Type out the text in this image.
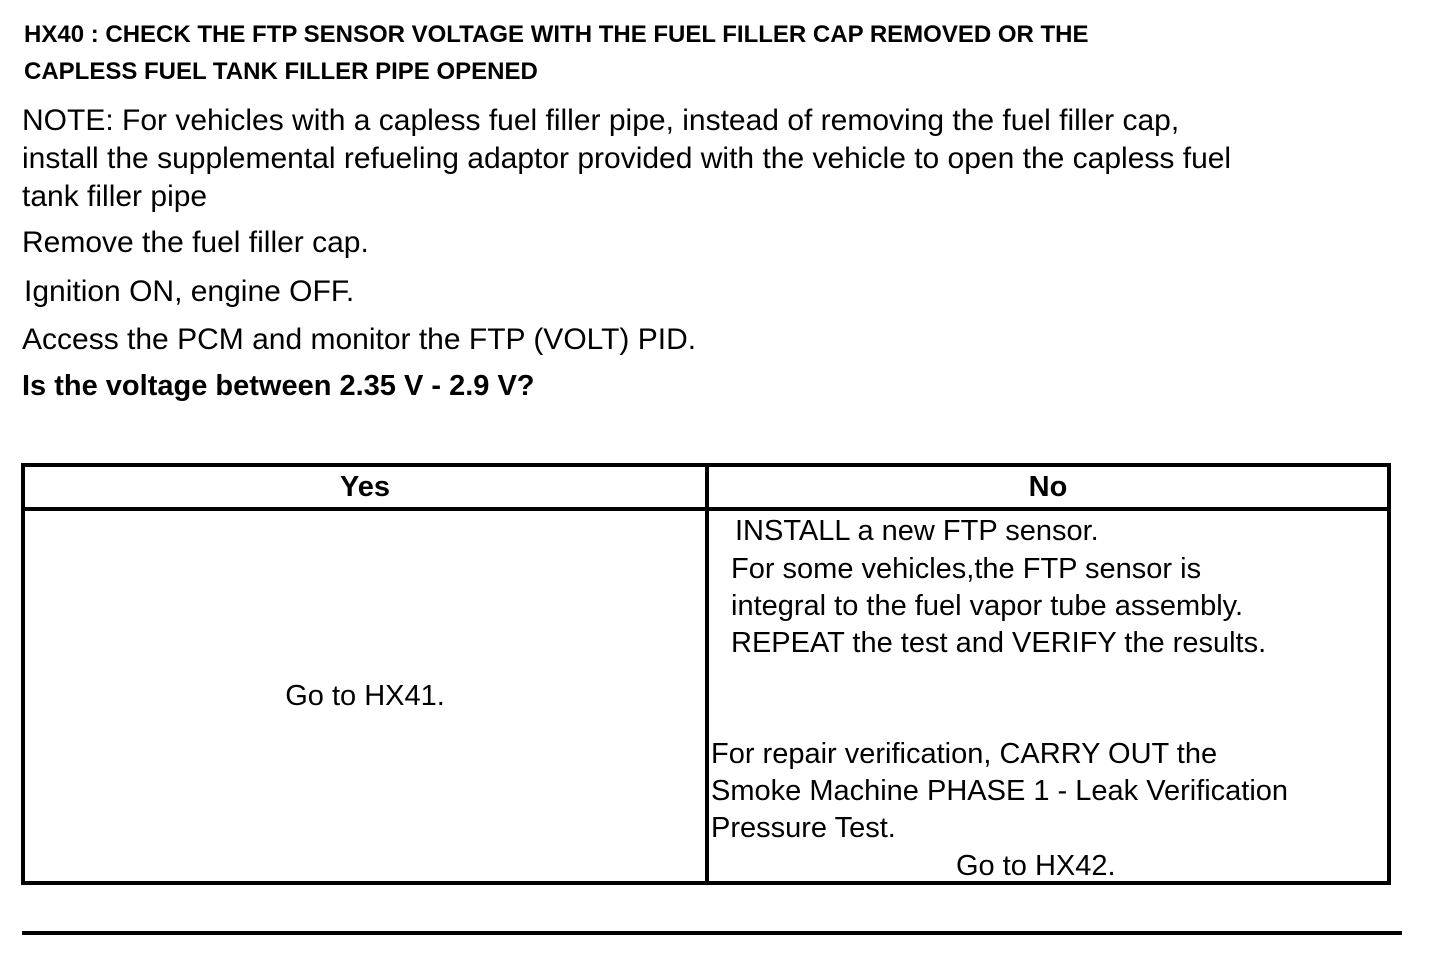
HX40 : CHECK THE FTP SENSOR VOLTAGE WITH THE FUEL FILLER CAP REMOVED OR THE
CAPLESS FUEL TANK FILLER PIPE OPENED
NOTE: For vehicles with a capless fuel filler pipe, instead of removing the fuel filler cap,
install the supplemental refueling adaptor provided with the vehicle to open the capless fuel
tank filler pipe
Remove the fuel filler cap.
Ignition ON, engine OFF.
Access the PCM and monitor the FTP (VOLT) PID.
Is the voltage between 2.35 V - 2.9 V?
Yes	No
Go to HX41.
INSTALL a new FTP sensor.
For some vehicles,the FTP sensor is
integral to the fuel vapor tube assembly.
REPEAT the test and VERIFY the results.
For repair verification, CARRY OUT the
Smoke Machine PHASE 1 - Leak Verification
Pressure Test.
Go to HX42.
